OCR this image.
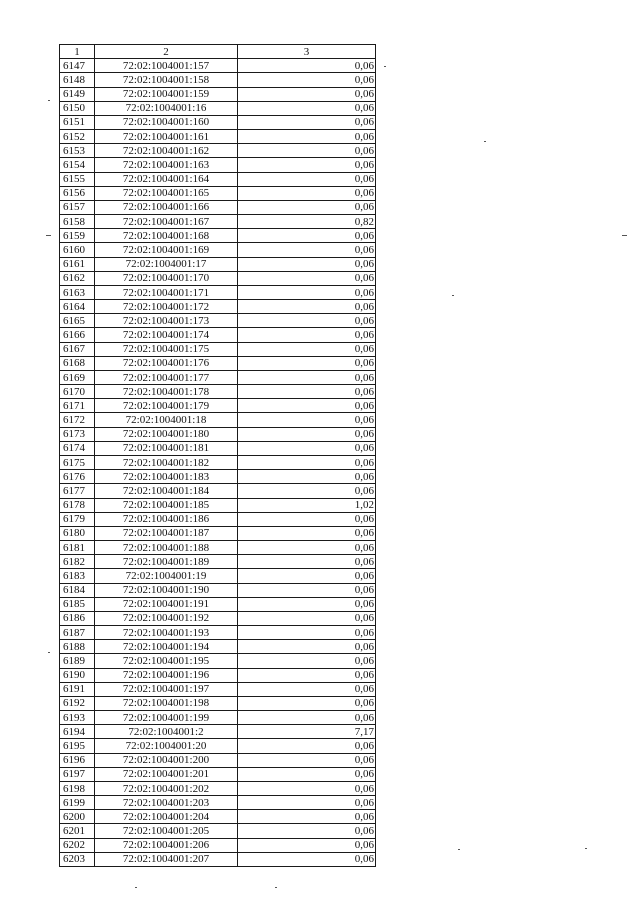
1	2	3
6147	72:02:1004001:157	0,06
6148	72:02:1004001:158	0,06
6149	72:02:1004001:159	0,06
6150	72:02:1004001:16	0,06
6151	72:02:1004001:160	0,06
6152	72:02:1004001:161	0,06
6153	72:02:1004001:162	0,06
6154	72:02:1004001:163	0,06
6155	72:02:1004001:164	0,06
6156	72:02:1004001:165	0,06
6157	72:02:1004001:166	0,06
6158	72:02:1004001:167	0,82
6159	72:02:1004001:168	0,06
6160	72:02:1004001:169	0,06
6161	72:02:1004001:17	0,06
6162	72:02:1004001:170	0,06
6163	72:02:1004001:171	0,06
6164	72:02:1004001:172	0,06
6165	72:02:1004001:173	0,06
6166	72:02:1004001:174	0,06
6167	72:02:1004001:175	0,06
6168	72:02:1004001:176	0,06
6169	72:02:1004001:177	0,06
6170	72:02:1004001:178	0,06
6171	72:02:1004001:179	0,06
6172	72:02:1004001:18	0,06
6173	72:02:1004001:180	0,06
6174	72:02:1004001:181	0,06
6175	72:02:1004001:182	0,06
6176	72:02:1004001:183	0,06
6177	72:02:1004001:184	0,06
6178	72:02:1004001:185	1,02
6179	72:02:1004001:186	0,06
6180	72:02:1004001:187	0,06
6181	72:02:1004001:188	0,06
6182	72:02:1004001:189	0,06
6183	72:02:1004001:19	0,06
6184	72:02:1004001:190	0,06
6185	72:02:1004001:191	0,06
6186	72:02:1004001:192	0,06
6187	72:02:1004001:193	0,06
6188	72:02:1004001:194	0,06
6189	72:02:1004001:195	0,06
6190	72:02:1004001:196	0,06
6191	72:02:1004001:197	0,06
6192	72:02:1004001:198	0,06
6193	72:02:1004001:199	0,06
6194	72:02:1004001:2	7,17
6195	72:02:1004001:20	0,06
6196	72:02:1004001:200	0,06
6197	72:02:1004001:201	0,06
6198	72:02:1004001:202	0,06
6199	72:02:1004001:203	0,06
6200	72:02:1004001:204	0,06
6201	72:02:1004001:205	0,06
6202	72:02:1004001:206	0,06
6203	72:02:1004001:207	0,06
